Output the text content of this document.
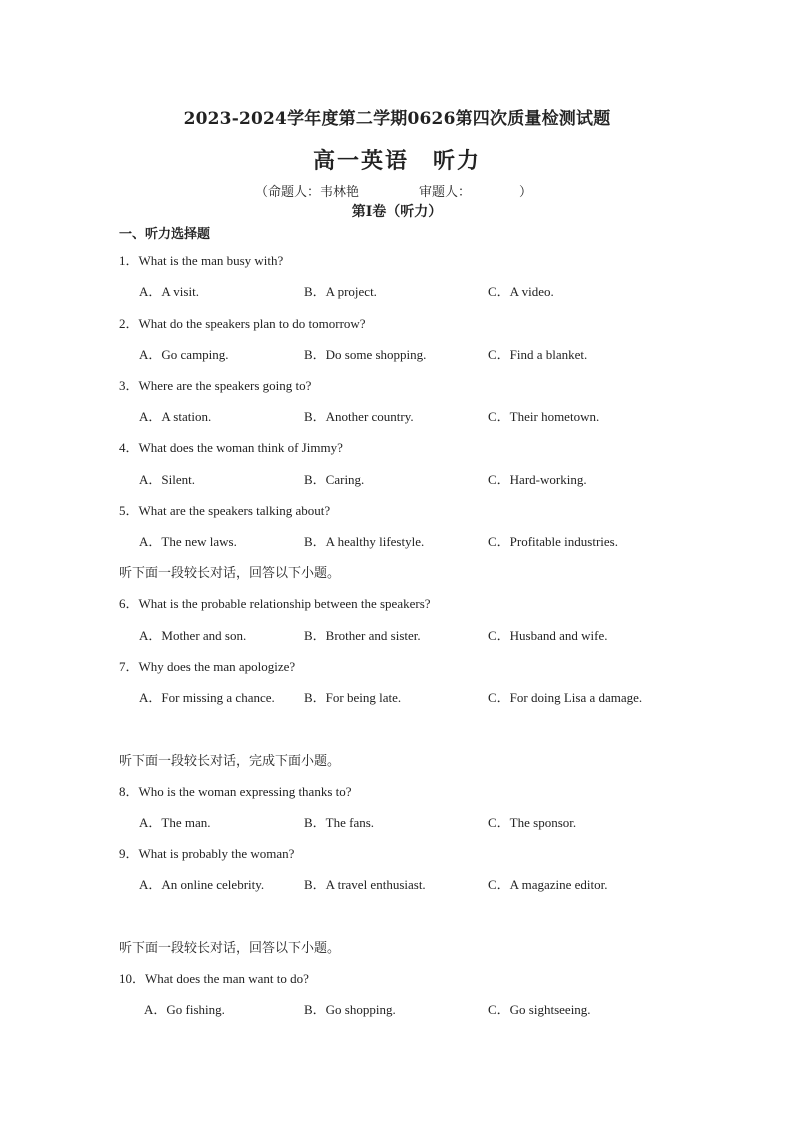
2023-2024学年度第二学期0626第四次质量检测试题
高一英语　听力
（命题人：韦林艳	审题人：	）
第Ⅰ卷（听力）
一、听力选择题
1．What is the man busy with?
A．A visit.	B．A project.	C．A video.
2．What do the speakers plan to do tomorrow?
A．Go camping.	B．Do some shopping.	C．Find a blanket.
3．Where are the speakers going to?
A．A station.	B．Another country.	C．Their hometown.
4．What does the woman think of Jimmy?
A．Silent.	B．Caring.	C．Hard-working.
5．What are the speakers talking about?
A．The new laws.	B．A healthy lifestyle.	C．Profitable industries.
听下面一段较长对话，回答以下小题。
6．What is the probable relationship between the speakers?
A．Mother and son.	B．Brother and sister.	C．Husband and wife.
7．Why does the man apologize?
A．For missing a chance. B．For being late.	C．For doing Lisa a damage.
听下面一段较长对话，完成下面小题。
8．Who is the woman expressing thanks to?
A．The man.	B．The fans.	C．The sponsor.
9．What is probably the woman?
A．An online celebrity.	B．A travel enthusiast.	C．A magazine editor.
听下面一段较长对话，回答以下小题。
10．What does the man want to do?
A．Go fishing.	B．Go shopping.	C．Go sightseeing.
